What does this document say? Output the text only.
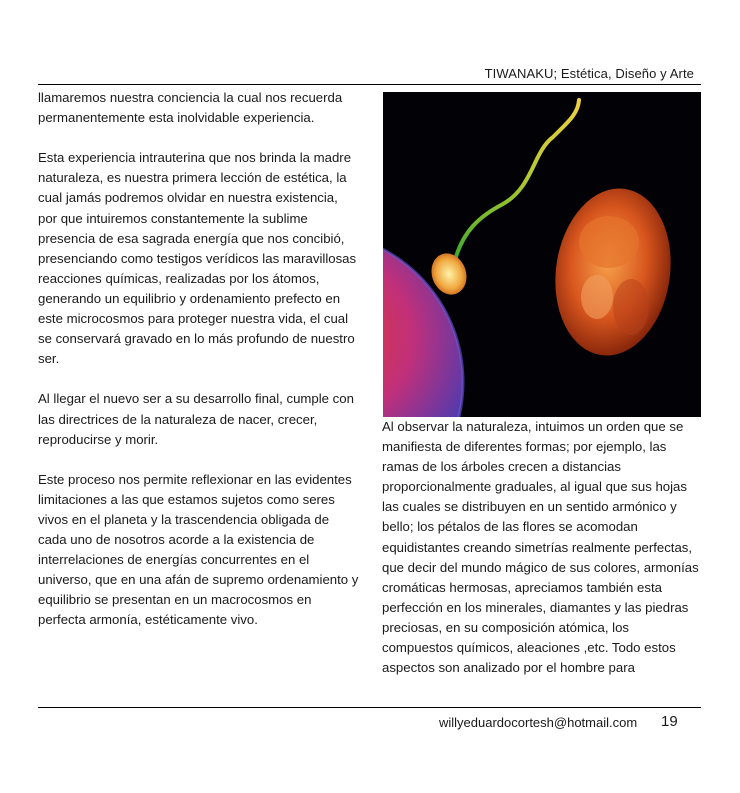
TIWANAKU; Estética, Diseño y Arte

llamaremos nuestra conciencia la cual nos recuerda permanentemente esta inolvidable experiencia.

Esta experiencia intrauterina que nos brinda la madre naturaleza, es nuestra primera lección de estética, la cual jamás podremos olvidar en nuestra existencia, por que intuiremos constantemente la sublime presencia de esa sagrada energía que nos concibió, presenciando como testigos verídicos las maravillosas reacciones químicas, realizadas por los átomos, generando un equilibrio y ordenamiento prefecto en este microcosmos para proteger nuestra vida, el cual se conservará gravado en lo más profundo de nuestro ser.

Al llegar el nuevo ser a su desarrollo final, cumple con las directrices de la naturaleza de nacer, crecer, reproducirse y morir.

Este proceso nos permite reflexionar en las evidentes limitaciones a las que estamos sujetos como seres vivos en el planeta y la trascendencia obligada de cada uno de nosotros acorde a la existencia de interrelaciones de energías concurrentes en el universo, que en una afán de supremo ordenamiento y equilibrio se presentan en un macrocosmos en perfecta armonía, estéticamente vivo.

Al observar la naturaleza, intuimos un orden que se manifiesta de diferentes formas; por ejemplo, las ramas de los árboles crecen a distancias proporcionalmente graduales, al igual que sus hojas las cuales se distribuyen en un sentido armónico y bello; los pétalos de las flores se acomodan equidistantes creando simetrías realmente perfectas, que decir del mundo mágico de sus colores, armonías cromáticas hermosas, apreciamos también esta perfección en los minerales, diamantes y las piedras preciosas, en su composición atómica, los compuestos químicos, aleaciones ,etc. Todo estos aspectos son analizado por el hombre para

willyeduardocortesh@hotmail.com 19
